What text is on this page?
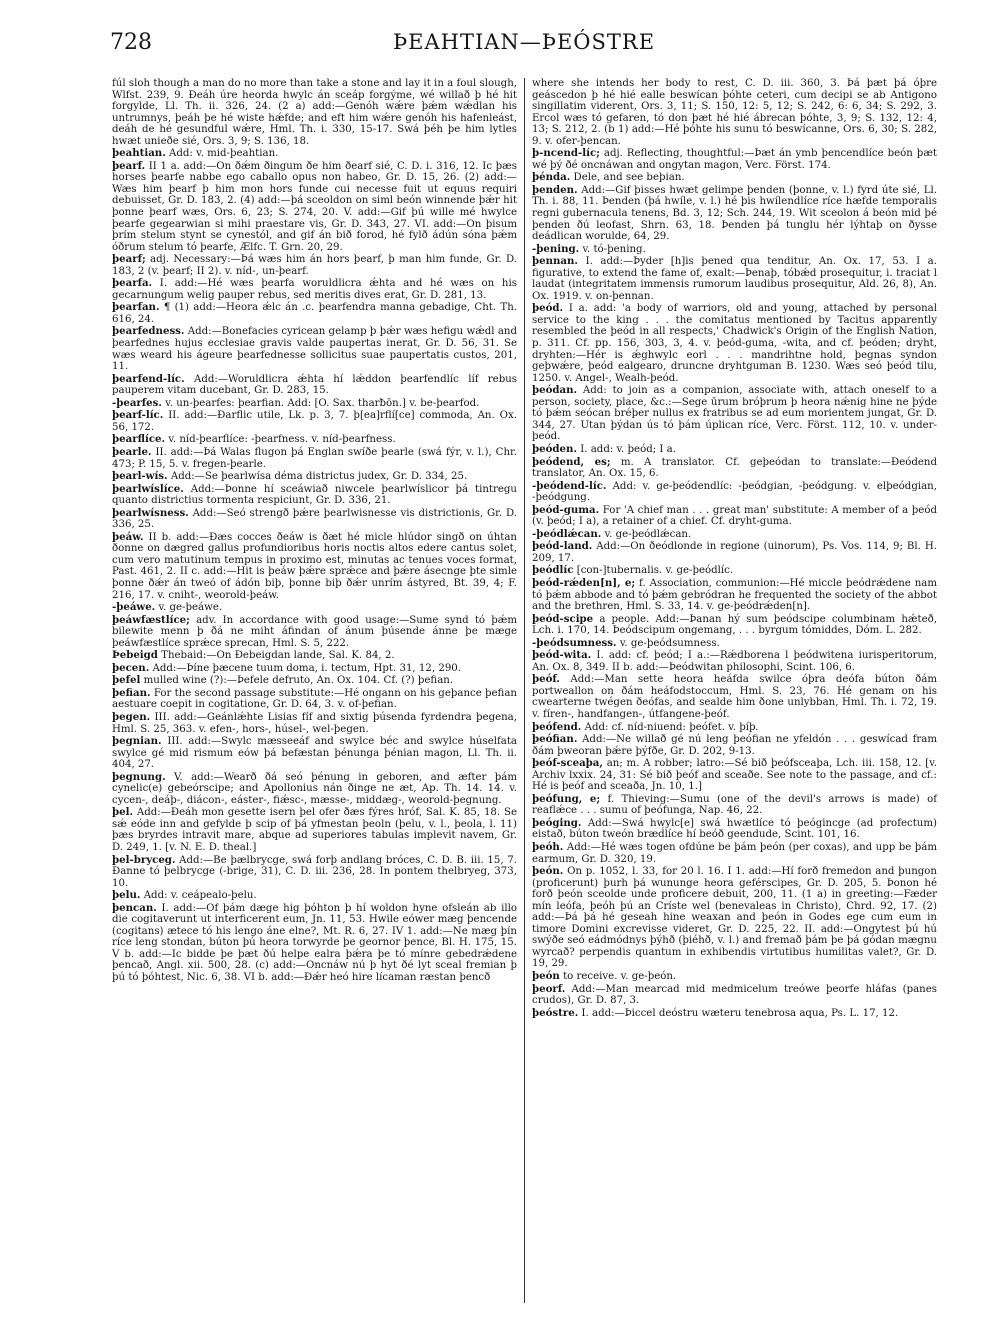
728	ÞEAHTIAN—ÞEÓSTRE
fúl sloh though a man do no more than take a stone and lay it in a foul slough, Wlfst. 239, 9. Ðeáh úre heorda hwylc án sceáp forgýme, wé willað þ hé hit forgylde, Ll. Th. ii. 326, 24. (2 a) add:—Genóh wǽre þǽm wǽdlan his untrumnys, þeáh þe hé wiste hǽfde; and eft him wǽre genóh his hafenleást, deáh de hé gesundful wǽre, Hml. Th. i. 330, 15-17. Swá þéh þe him lytles hwæt unieðe sié, Ors. 3, 9; S. 136, 18.
þeahtian. Add: v. mid-þeahtian.
þearf. II 1 a. add:—On ðǽm ðingum ðe him ðearf sié, C. D. i. 316, 12. Ic þæs horses þearfe nabbe ego caballo opus non habeo, Gr. D. 15, 26. (2) add:—Wæs him þearf þ him mon hors funde cui necesse fuit ut equus requiri debuisset, Gr. D. 183, 2. (4) add:—þá sceoldon on siml beón winnende þǽr hit þonne þearf wæs, Ors. 6, 23; S. 274, 20. V. add:—Gif þú wille mé hwylce þearfe gegearwian si mihi praestare vis, Gr. D. 343, 27. VI. add:—On þisum þrím stelum stynt se cynestól, and gif án bið forod, hé fylð ádún sóna þǽm óðrum stelum tó þearfe, Ælfc. T. Grn. 20, 29.
þearf; adj. Necessary:—Þá wæs him án hors þearf, þ man him funde, Gr. D. 183, 2 (v. þearf; II 2). v. níd-, un-þearf.
þearfa. I. add:—Hé wæs þearfa woruldlicra ǽhta and hé wæs on his gecarnungum welig pauper rebus, sed meritis dives erat, Gr. D. 281, 13.
þearfan. ¶ (1) add:—Heora ǽlc án .c. þearfendra manna gebadige, Cht. Th. 616, 24.
þearfedness. Add:—Bonefacies cyricean gelamp þ þǽr wæs hefigu wǽdl and þearfednes hujus ecclesiae gravis valde paupertas inerat, Gr. D. 56, 31. Se wæs weard his ágeure þearfednesse sollicitus suae paupertatis custos, 201, 11.
þearfend-líc. Add:—Woruldlicra ǽhta hí lǽddon þearfendlíc líf rebus pauperem vitam ducebant, Gr. D. 283, 15.
-þearfes. v. un-þearfes: þearfian. Add: [O. Sax. tharƀōn.] v. be-þearfod.
þearf-líc. II. add:—Ðarflic utile, Lk. p. 3, 7. þ[ea]rflí[ce] commoda, An. Ox. 56, 172.
þearflíce. v. níd-þearflíce: -þearfness. v. níd-þearfness.
þearle. II. add:—Þá Walas flugon þá Englan swíðe þearle (swá fýr, v. l.), Chr. 473; P. 15, 5. v. fregen-þearle.
þearl-wís. Add:—Se þearlwísa déma districtus judex, Gr. D. 334, 25.
þearlwíslíce. Add:—Þonne hí sceáwiað niwcele þearlwíslicor þá tintregu quanto districtius tormenta respiciunt, Gr. D. 336, 21.
þearlwísness. Add:—Seó strengð þǽre þearlwisnesse vis districtionis, Gr. D. 336, 25.
þeáw. II b. add:—Ðæs cocces ðeáw is ðæt hé micle hlúdor singð on úhtan ðonne on dægred gallus profundioribus horis noctis altos edere cantus solet, cum vero matutinum tempus in proximo est, minutas ac tenues voces format, Past. 461, 2. II c. add:—Hit is þeáw þǽre sprǽce and þǽre ásecnge þte simle þonne ðǽr án tweó of ádón biþ, þonne biþ ðǽr unrím ástyred, Bt. 39, 4; F. 216, 17. v. cniht-, weorold-þeáw.
-þeáwe. v. ge-þeáwe.
þeáwfæstlíce; adv. In accordance with good usage:—Sume synd tó þǽm bilewite menn þ ðá ne miht áfindan of ánum þúsende ánne þe mæge þeáwfæstlíce sprǽce sprecan, Hml. S. 5, 222.
Þebeigd Thebaid:—On Ðebeigdan lande, Sal. K. 84, 2.
þecen. Add:—Þíne þæcene tuum doma, i. tectum, Hpt. 31, 12, 290.
þefel mulled wine (?):—Þefele defruto, An. Ox. 104. Cf. (?) þefian.
þefian. For the second passage substitute:—Hé ongann on his geþance þefian aestuare coepit in cogitatione, Gr. D. 64, 3. v. of-þefian.
þegen. III. add:—Geánlǽhte Lisias fíf and sixtig þúsenda fyrdendra þegena, Hml. S. 25, 363. v. efen-, hors-, húsel-, wel-þegen.
þegnian. III. add:—Swylc mæsseeáf and swylce béc and swylce húselfata swylce gé mid rismum eów þá befæstan þénunga þénian magon, Ll. Th. ii. 404, 27.
þegnung. V. add:—Wearð ðá seó þénung in geboren, and æfter þám cynelic(e) gebeórscipe; and Apollonius nán ðinge ne æt, Ap. Th. 14. 14. v. cycen-, deáþ-, diácon-, eáster-, fiǽsc-, mæsse-, middæg-, weorold-þegnung.
þel. Add:—Ðeáh mon gesette isern þel ofer ðæs fýres hróf, Sal. K. 85, 18. Se sǽ eóde inn and gefylde þ scip of þá yfmestan þeoln (þelu, v. l., þeola, l. 11) þæs bryrdes intravit mare, abque ad superiores tabulas implevit navem, Gr. D. 249, 1. [v. N. E. D. theal.]
þel-bryceg. Add:—Be þælbrycge, swá forþ andlang bróces, C. D. B. iii. 15, 7. Ðanne tó þelbrycge (-brige, 31), C. D. iii. 236, 28. In pontem thelbryeg, 373, 10.
þelu. Add: v. ceápealo-þelu.
þencan. I. add:—Of þám dæge hig þóhton þ hí woldon hyne ofsleán ab illo die cogitaverunt ut interficerent eum, Jn. 11, 53. Hwile eówer mæg þencende (cogitans) ætece tó his lengo áne elne?, Mt. R. 6, 27. IV 1. add:—Ne mæg þín ríce leng stondan, búton þú heora torwyrde þe geornor þence, Bl. H. 175, 15. V b. add:—Ic bidde þe þæt ðú helpe ealra þǽra þe tó mínre gebedrǽdene þencað, Angl. xii. 500, 28. (c) add:—Oncnáw nú þ hyt ðé lyt sceal fremian þ þú tó þóhtest, Nic. 6, 38. VI b. add:—Ðǽr heó hire lícaman ræstan þencð
where she intends her body to rest, C. D. iii. 360, 3. Þá þæt þá óþre geáscedon þ hé hié ealle beswícan þóhte ceteri, cum decipi se ab Antigono singillatim viderent, Ors. 3, 11; S. 150, 12: 5, 12; S. 242, 6: 6, 34; S. 292, 3. Ercol wæs tó gefaren, tó don þæt hé hié ábrecan þóhte, 3, 9; S. 132, 12: 4, 13; S. 212, 2. (b 1) add:—Hé þóhte his sunu tó beswícanne, Ors. 6, 30; S. 282, 9. v. ofer-þencan.
þ-ncend-líc; adj. Reflecting, thoughtful:—Þæt án ymb þencendlíce beón þæt wé þý ðé oncnáwan and ongytan magon, Verc. Först. 174.
þénda. Dele, and see beþian.
þenden. Add:—Gif þisses hwæt gelimpe þenden (þonne, v. l.) fyrd úte sié, Ll. Th. i. 88, 11. Þenden (þá hwíle, v. l.) hé þis hwílendlíce ríce hæfde temporalis regni gubernacula tenens, Bd. 3, 12; Sch. 244, 19. Wit sceolon á beón mid þé þenden ðú leofast, Shrn. 63, 18. Þenden þá tunglu hér lýhtaþ on ðysse deádlican woruldе, 64, 29.
-þening. v. tó-þening.
þennan. I. add:—Þyder [h]is þened qua tenditur, An. Ox. 17, 53. I a. figurative, to extend the fame of, exalt:—Þenaþ, tóbǽd prosequitur, i. traciat l laudat (integritatem immensis rumorum laudibus prosequitur, Ald. 26, 8), An. Ox. 1919. v. on-þennan.
þeód. I a. add: 'a body of warriors, old and young, attached by personal service to the king . . . the comitatus mentioned by Tacitus apparently resembled the þeód in all respects,' Chadwick's Origin of the English Nation, p. 311. Cf. pp. 156, 303, 3, 4. v. þeód-guma, -wita, and cf. þeóden; dryht, dryhten:—Hér is ǽghwylc eorl . . . mandrihtne hold, þegnas syndon geþwǽre, þeód ealgearo, druncne dryhtguman B. 1230. Wæs seó þeód tilu, 1250. v. Angel-, Wealh-þeód.
þeódan. Add: to join as a companion, associate with, attach oneself to a person, society, place, &c.:—Sege ūrum bróþrum þ heora nǽnig hine ne þýde tó þǽm seócan bréþer nullus ex fratribus se ad eum morientem jungat, Gr. D. 344, 27. Utan þýdan ús tó þám úplican ríce, Verc. Först. 112, 10. v. under-þeód.
þeóden. I. add: v. þeód; I a.
þeódend, es; m. A translator. Cf. geþeódan to translate:—Ðeódend translator, An. Ox. 15, 6.
-þeódend-líc. Add: v. ge-þeódendlíc: -þeódgian, -þeódgung. v. elþeódgian, -þeódgung.
þeód-guma. For 'A chief man . . . great man' substitute: A member of a þeód (v. þeód; I a), a retainer of a chief. Cf. dryht-guma.
-þeódlǽcan. v. ge-þeódlǽcan.
þeód-land. Add:—On ðeódlonde in regione (uinorum), Ps. Vos. 114, 9; Bl. H. 209, 17.
þeódlíc [con-]tubernalis. v. ge-þeódlíc.
þeód-rǽden[n], e; f. Association, communion:—Hé miccle þeódrǽdene nam tó þǽm abbode and tó þǽm gebródran he frequented the society of the abbot and the brethren, Hml. S. 33, 14. v. ge-þeódrǽden[n].
þeód-scipe a people. Add:—Þanan hý sum þeódscipe columbinam hǽteð, Lch. i. 170, 14. Þeódscipum ongemang, . . . byrgum tómiddes, Dóm. L. 282.
-þeódsumness. v. ge-þeódsumness.
þeód-wita. I. add: cf. þeód; I a.:—Rǽdborena l þeódwitena iurisperitorum, An. Ox. 8, 349. II b. add:—Þeódwitan philosophi, Scint. 106, 6.
þeóf. Add:—Man sette heora heáfda swilce óþra deófa búton ðám portweallon on ðám heáfodstoccum, Hml. S. 23, 76. Hé genam on his cwearterne twégen ðeófas, and sealde him ðone unlybban, Hml. Th. i. 72, 19. v. fíren-, handfangen-, útfangene-þeóf.
þeófend. Add: cf. níd-niuend: þeófet. v. þíþ.
þeófian. Add:—Ne willað gé nú leng þeófian ne yfeldón . . . geswícad fram ðám þweoran þǽre þýfðe, Gr. D. 202, 9-13.
þeóf-sceaþa, an; m. A robber; latro:—Sé bið þeófsceaþa, Lch. iii. 158, 12. [v. Archiv lxxix. 24, 31: Sé bið þeóf and sceaðe. See note to the passage, and cf.: Hé is þeóf and sceaða, Jn. 10, 1.]
þeófung, e; f. Thieving:—Sumu (one of the devil's arrows is made) of reaflǽce . . . sumu of þeófunga, Nap. 46, 22.
þeóging. Add:—Swá hwylc[e] swá hwætlíce tó þeógincge (ad profectum) eistað, búton tweón bræḋlíce hí beóð geendude, Scint. 101, 16.
þeóh. Add:—Hé wæs togen ofdúne be þám þeón (per coxas), and upp be þám earmum, Gr. D. 320, 19.
þeón. On p. 1052, l. 33, for 20 l. 16. I 1. add:—Hí forð fremedon and þungon (proficerunt) þurh þá wununge heora geférscipes, Gr. D. 205, 5. Þonon hé forð þeón sceolde unde proficere debuit, 200, 11. (1 a) in greeting:—Fæder mín leófa, þeóh þú an Críste wel (benevaleas in Christo), Chrd. 92, 17. (2) add:—Þá þá hé geseah hine weaxan and þeón in Godes ege cum eum in timore Domini excrevisse videret, Gr. D. 225, 22. II. add:—Ongytest þú hú swýðe seó eádmódnys þýhð (þiéhð, v. l.) and fremað þám þe þá gódan mægnu wyrcað? perpendis quantum in exhibendis virtutibus humilitas valet?, Gr. D. 19, 29.
þeón to receive. v. ge-þeón.
þeorf. Add:—Man mearcad mid medmicelum treówe þeorfe hláfas (panes crudos), Gr. D. 87, 3.
þeóstre. I. add:—Þiccel deóstru wæteru tenebrosa aqua, Ps. L. 17, 12.
